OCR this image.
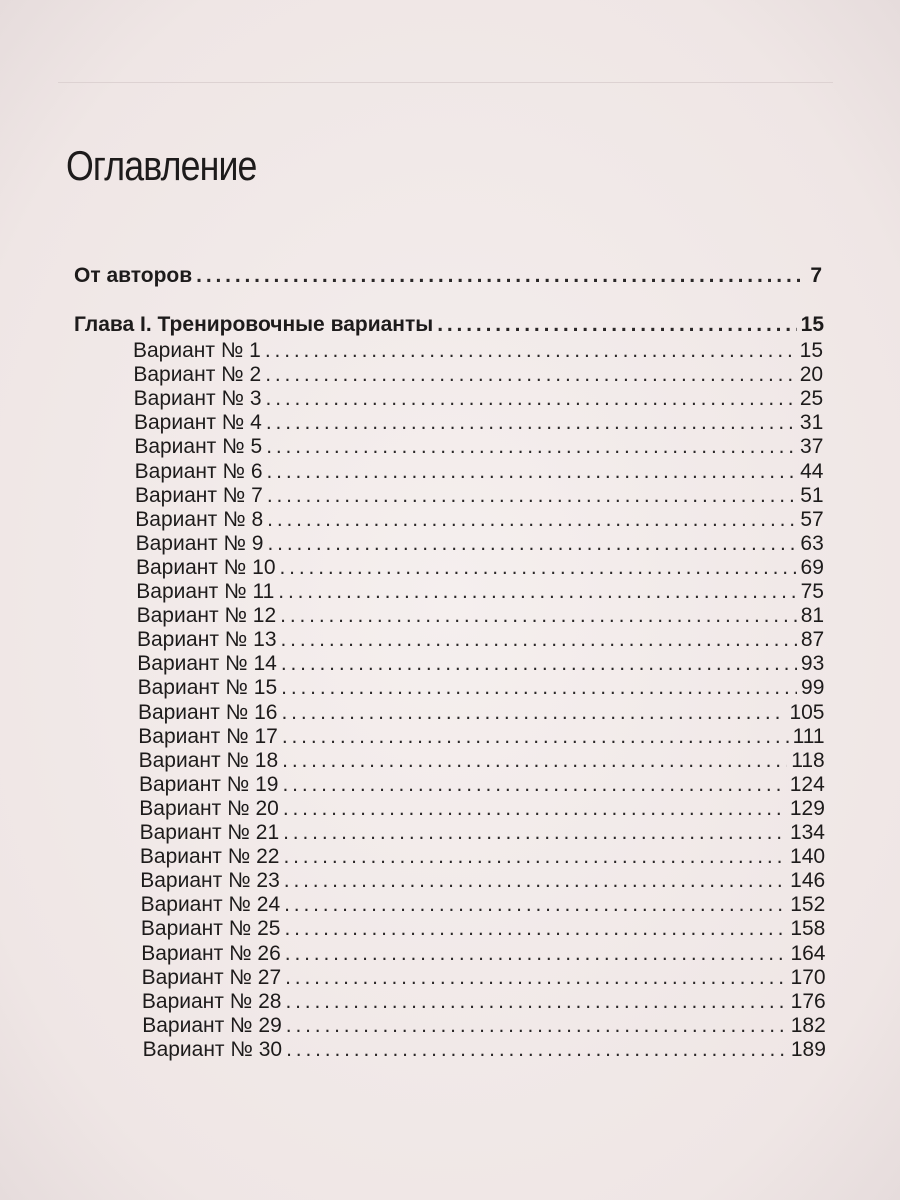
Оглавление
От авторов . . .	7
Глава I. Тренировочные варианты . . .	15
Вариант № 1 . . .	15
Вариант № 2 . . .	20
Вариант № 3 . . .	25
Вариант № 4 . . .	31
Вариант № 5 . . .	37
Вариант № 6 . . .	44
Вариант № 7 . . .	51
Вариант № 8 . . .	57
Вариант № 9 . . .	63
Вариант № 10 . . .	69
Вариант № 11 . . .	75
Вариант № 12 . . .	81
Вариант № 13 . . .	87
Вариант № 14 . . .	93
Вариант № 15 . . .	99
Вариант № 16 . . .	105
Вариант № 17 . . .	111
Вариант № 18 . . .	118
Вариант № 19 . . .	124
Вариант № 20 . . .	129
Вариант № 21 . . .	134
Вариант № 22 . . .	140
Вариант № 23 . . .	146
Вариант № 24 . . .	152
Вариант № 25 . . .	158
Вариант № 26 . . .	164
Вариант № 27 . . .	170
Вариант № 28 . . .	176
Вариант № 29 . . .	182
Вариант № 30 . . .	189
